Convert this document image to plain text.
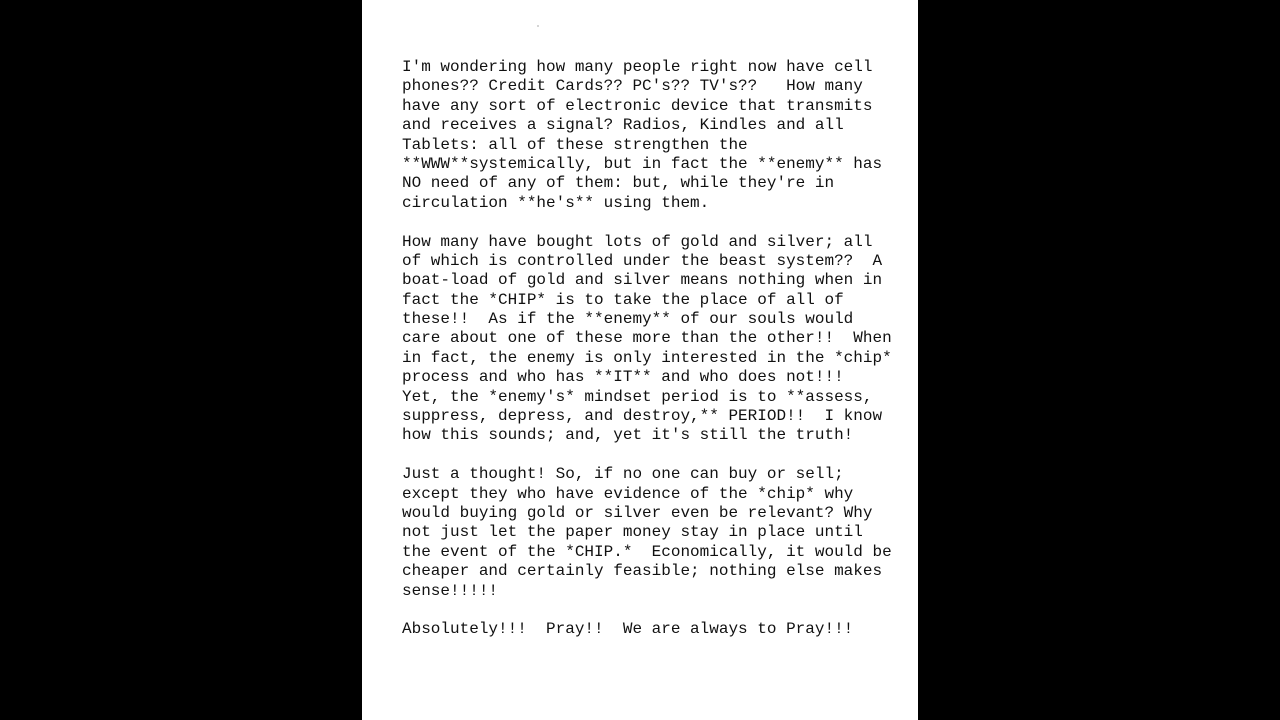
I'm wondering how many people right now have cell
phones?? Credit Cards?? PC's?? TV's??   How many
have any sort of electronic device that transmits
and receives a signal? Radios, Kindles and all
Tablets: all of these strengthen the
**WWW**systemically, but in fact the **enemy** has
NO need of any of them: but, while they're in
circulation **he's** using them.
How many have bought lots of gold and silver; all
of which is controlled under the beast system??  A
boat-load of gold and silver means nothing when in
fact the *CHIP* is to take the place of all of
these!!  As if the **enemy** of our souls would
care about one of these more than the other!!  When
in fact, the enemy is only interested in the *chip*
process and who has **IT** and who does not!!!
Yet, the *enemy's* mindset period is to **assess,
suppress, depress, and destroy,** PERIOD!!  I know
how this sounds; and, yet it's still the truth!
Just a thought! So, if no one can buy or sell;
except they who have evidence of the *chip* why
would buying gold or silver even be relevant? Why
not just let the paper money stay in place until
the event of the *CHIP.*  Economically, it would be
cheaper and certainly feasible; nothing else makes
sense!!!!!
Absolutely!!!  Pray!!  We are always to Pray!!!
